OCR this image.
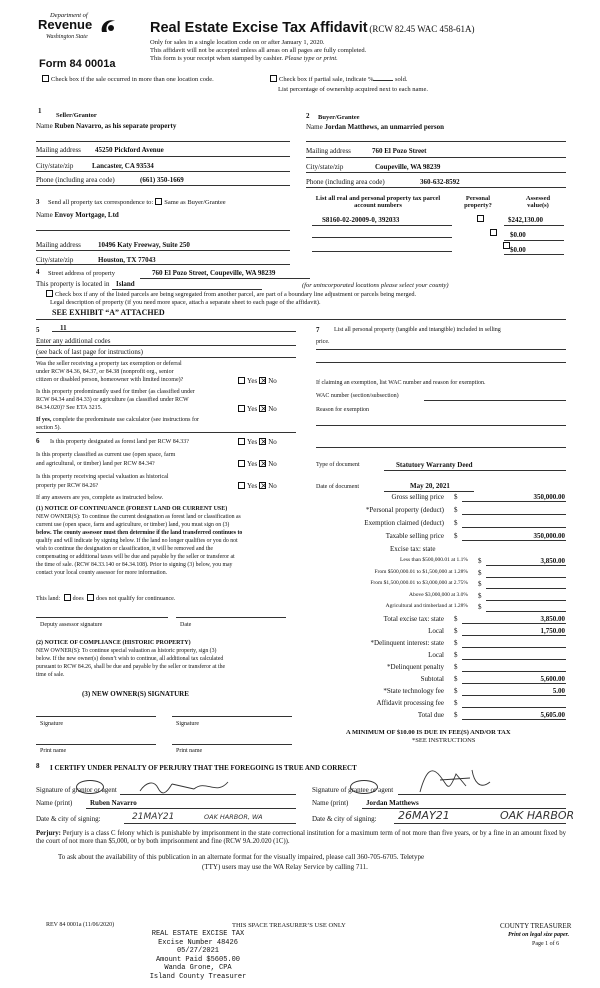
Department of
Revenue
Washington State
Form 84 0001a
Real Estate Excise Tax Affidavit (RCW 82.45 WAC 458-61A)
Only for sales in a single location code on or after January 1, 2020.
This affidavit will not be accepted unless all areas on all pages are fully completed.
This form is your receipt when stamped by cashier. Please type or print.
Check box if the sale occurred in more than one location code.	Check box if partial sale, indicate %	sold.
List percentage of ownership acquired next to each name.
1
Seller/Grantor
Name Ruben Navarro, as his separate property
Mailing address 45250 Pickford Avenue
City/state/zip	Lancaster, CA 93534
Phone (including area code)	(661) 350-1669
2 Buyer/Grantee
Name Jordan Matthews, an unmarried person
Mailing address	760 El Pozo Street
City/state/zip	Coupeville, WA 98239
Phone (including area code)	360-632-8592
3 Send all property tax correspondence to: Same as Buyer/Grantee
Name Envoy Mortgage, Ltd
Mailing address 10496 Katy Freeway, Suite 250
City/state/zip	Houston, TX 77043
List all real and personal property tax parcel account numbers
Personal property?
Assessed value(s)
S8160-02-20009-0, 392033
	$242,130.00

$0.00
$0.00
4 Street address of property	760 El Pozo Street, Coupeville, WA 98239
This property is located in Island	(for unincorporated locations please select your county)
Check box if any of the listed parcels are being segregated from another parcel, are part of a boundary line adjustment or parcels being merged.
Legal description of property (if you need more space, attach a separate sheet to each page of the affidavit).
SEE EXHIBIT “A” ATTACHED
5	11
Enter any additional codes
(see back of last page for instructions)
Was the seller receiving a property tax exemption or deferral
under RCW 84.36, 84.37, or 84.38 (nonprofit org., senior
citizen or disabled person, homeowner with limited income)?	Yes × No
Is this property predominantly used for timber (as classified under
RCW 84.34 and 84.33) or agriculture (as classified under RCW
84.34.020)? See ETA 3215.	Yes × No
If yes, complete the predominate use calculator (see instructions for
section 5).
6 Is this property designated as forest land per RCW 84.33?	Yes × No
Is this property classified as current use (open space, farm
and agricultural, or timber) land per RCW 84.34?	Yes × No
Is this property receiving special valuation as historical
property per RCW 84.26?	Yes × No
If any answers are yes, complete as instructed below.
(1) NOTICE OF CONTINUANCE (FOREST LAND OR CURRENT USE)
NEW OWNER(S): To continue the current designation as forest land or classification as
current use (open space, farm and agriculture, or timber) land, you must sign on (3)
below. The county assessor must then determine if the land transferred continues to
qualify and will indicate by signing below. If the land no longer qualifies or you do not
wish to continue the designation or classification, it will be removed and the
compensating or additional taxes will be due and payable by the seller or transferor at
the time of sale. (RCW 84.33.140 or 84.34.108). Prior to signing (3) below, you may
contact your local county assessor for more information.
This land: does does not qualify for continuance.
Deputy assessor signature	Date
(2) NOTICE OF COMPLIANCE (HISTORIC PROPERTY)
NEW OWNER(S): To continue special valuation as historic property, sign (3)
below. If the new owner(s) doesn’t wish to continue, all additional tax calculated
pursuant to RCW 84.26, shall be due and payable by the seller or transferor at the
time of sale.
(3) NEW OWNER(S) SIGNATURE
Signature	Signature
Print name	Print name
7 List all personal property (tangible and intangible) included in selling
price.
If claiming an exemption, list WAC number and reason for exemption.
WAC number (section/subsection)
Reason for exemption
Type of document	Statutory Warranty Deed
Date of document	May 20, 2021
Gross selling price $	350,000.00
*Personal property (deduct) $
Exemption claimed (deduct) $
Taxable selling price $	350,000.00
Excise tax: state
Less than $500,000.01 at 1.1% $	3,850.00
From $500,000.01 to $1,500,000 at 1.28% $
From $1,500,000.01 to $3,000,000 at 2.75% $
Above $3,000,000 at 3.0% $
Agricultural and timberland at 1.28% $
Total excise tax: state $	3,850.00
Local $	1,750.00
*Delinquent interest: state $
Local $
*Delinquent penalty $
Subtotal $	5,600.00
*State technology fee $	5.00
Affidavit processing fee $
Total due $	5,605.00
A MINIMUM OF $10.00 IS DUE IN FEE(S) AND/OR TAX
*SEE INSTRUCTIONS
8 I CERTIFY UNDER PENALTY OF PERJURY THAT THE FOREGOING IS TRUE AND CORRECT
Signature of grantor or agent
Name (print)	Ruben Navarro
Date & city of signing:	21MAY21	OAK HARBOR, WA
Signature of grantee or agent
Name (print)	Jordan Matthews
Date & city of signing: 26MAY21	OAK HARBOR
Perjury: Perjury is a class C felony which is punishable by imprisonment in the state correctional institution for a maximum term of not more than five years, or by a fine in an amount fixed by the court of not more than $5,000, or by both imprisonment and fine (RCW 9A.20.020 (1C)).
To ask about the availability of this publication in an alternate format for the visually impaired, please call 360-705-6705. Teletype
(TTY) users may use the WA Relay Service by calling 711.
REV 84 0001a (11/06/2020)	THIS SPACE TREASURER’S USE ONLY
REAL ESTATE EXCISE TAX
Excise Number 48426
05/27/2021
Amount Paid $5605.00
Wanda Grone, CPA
Island County Treasurer
COUNTY TREASURER
Print on legal size paper.
Page 1 of 6
